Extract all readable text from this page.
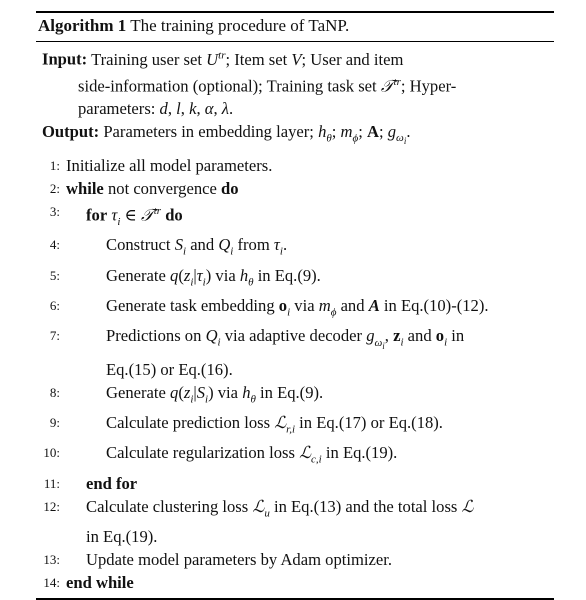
Algorithm 1 The training procedure of TaNP.
Input: Training user set $U^{tr}$; Item set V; User and item
side-information (optional); Training task set 𝒯$^{tr}$; Hyper-
parameters: d, l, k, α, λ.
Output: Parameters in embedding layer; $h_\theta$; $m_\phi$; A; $g_{\omega_i}$.
1: Initialize all model parameters.
2: while not convergence do
3:	for $\tau_i$ ∈ 𝒯$^{tr}$ do
4:	Construct $S_i$ and $Q_i$ from $\tau_i$.
5:	Generate $q(z_i|\tau_i)$ via $h_\theta$ in Eq.(9).
6:	Generate task embedding $o_i$ via $m_\phi$ and A in Eq.(10)-(12).
7:	Predictions on $Q_i$ via adaptive decoder $g_{\omega_i}$, $z_i$ and $o_i$ in
Eq.(15) or Eq.(16).
8:	Generate $q(z_i|S_i)$ via $h_\theta$ in Eq.(9).
9:	Calculate prediction loss ℒ$_{r,i}$ in Eq.(17) or Eq.(18).
10:	Calculate regularization loss ℒ$_{c,i}$ in Eq.(19).
11:	end for
12:	Calculate clustering loss ℒ$_u$ in Eq.(13) and the total loss ℒ
in Eq.(19).
13:	Update model parameters by Adam optimizer.
14: end while
